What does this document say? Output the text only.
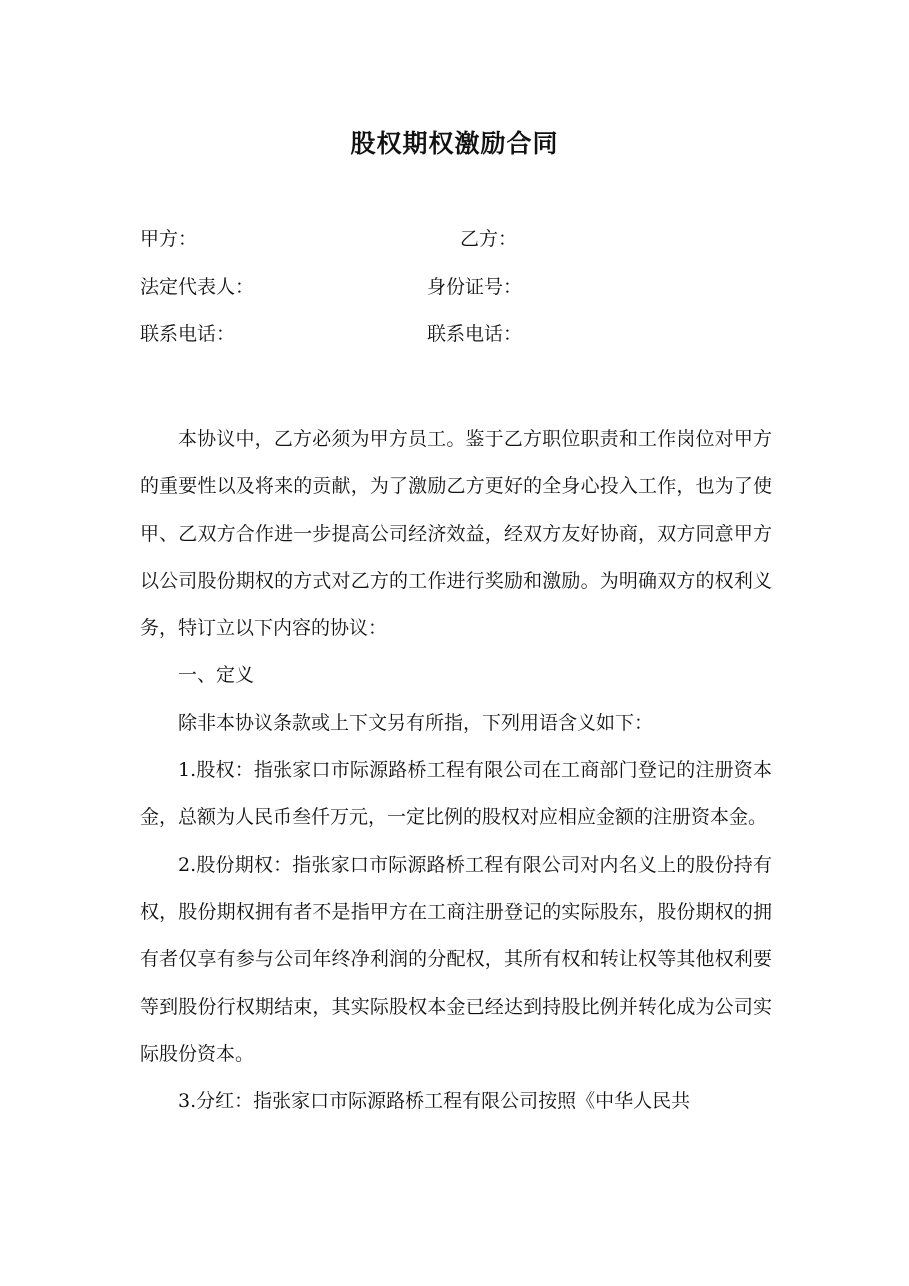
股权期权激励合同
甲方：	乙方：
法定代表人：	身份证号：
联系电话：	联系电话：

本协议中，乙方必须为甲方员工。鉴于乙方职位职责和工作岗位对甲方的重要性以及将来的贡献，为了激励乙方更好的全身心投入工作，也为了使甲、乙双方合作进一步提高公司经济效益，经双方友好协商，双方同意甲方以公司股份期权的方式对乙方的工作进行奖励和激励。为明确双方的权利义务，特订立以下内容的协议：

一、定义

除非本协议条款或上下文另有所指，下列用语含义如下：

1.股权：指张家口市际源路桥工程有限公司在工商部门登记的注册资本金，总额为人民币叁仟万元，一定比例的股权对应相应金额的注册资本金。

2.股份期权：指张家口市际源路桥工程有限公司对内名义上的股份持有权，股份期权拥有者不是指甲方在工商注册登记的实际股东，股份期权的拥有者仅享有参与公司年终净利润的分配权，其所有权和转让权等其他权利要等到股份行权期结束，其实际股权本金已经达到持股比例并转化成为公司实际股份资本。

3.分红：指张家口市际源路桥工程有限公司按照《中华人民共
